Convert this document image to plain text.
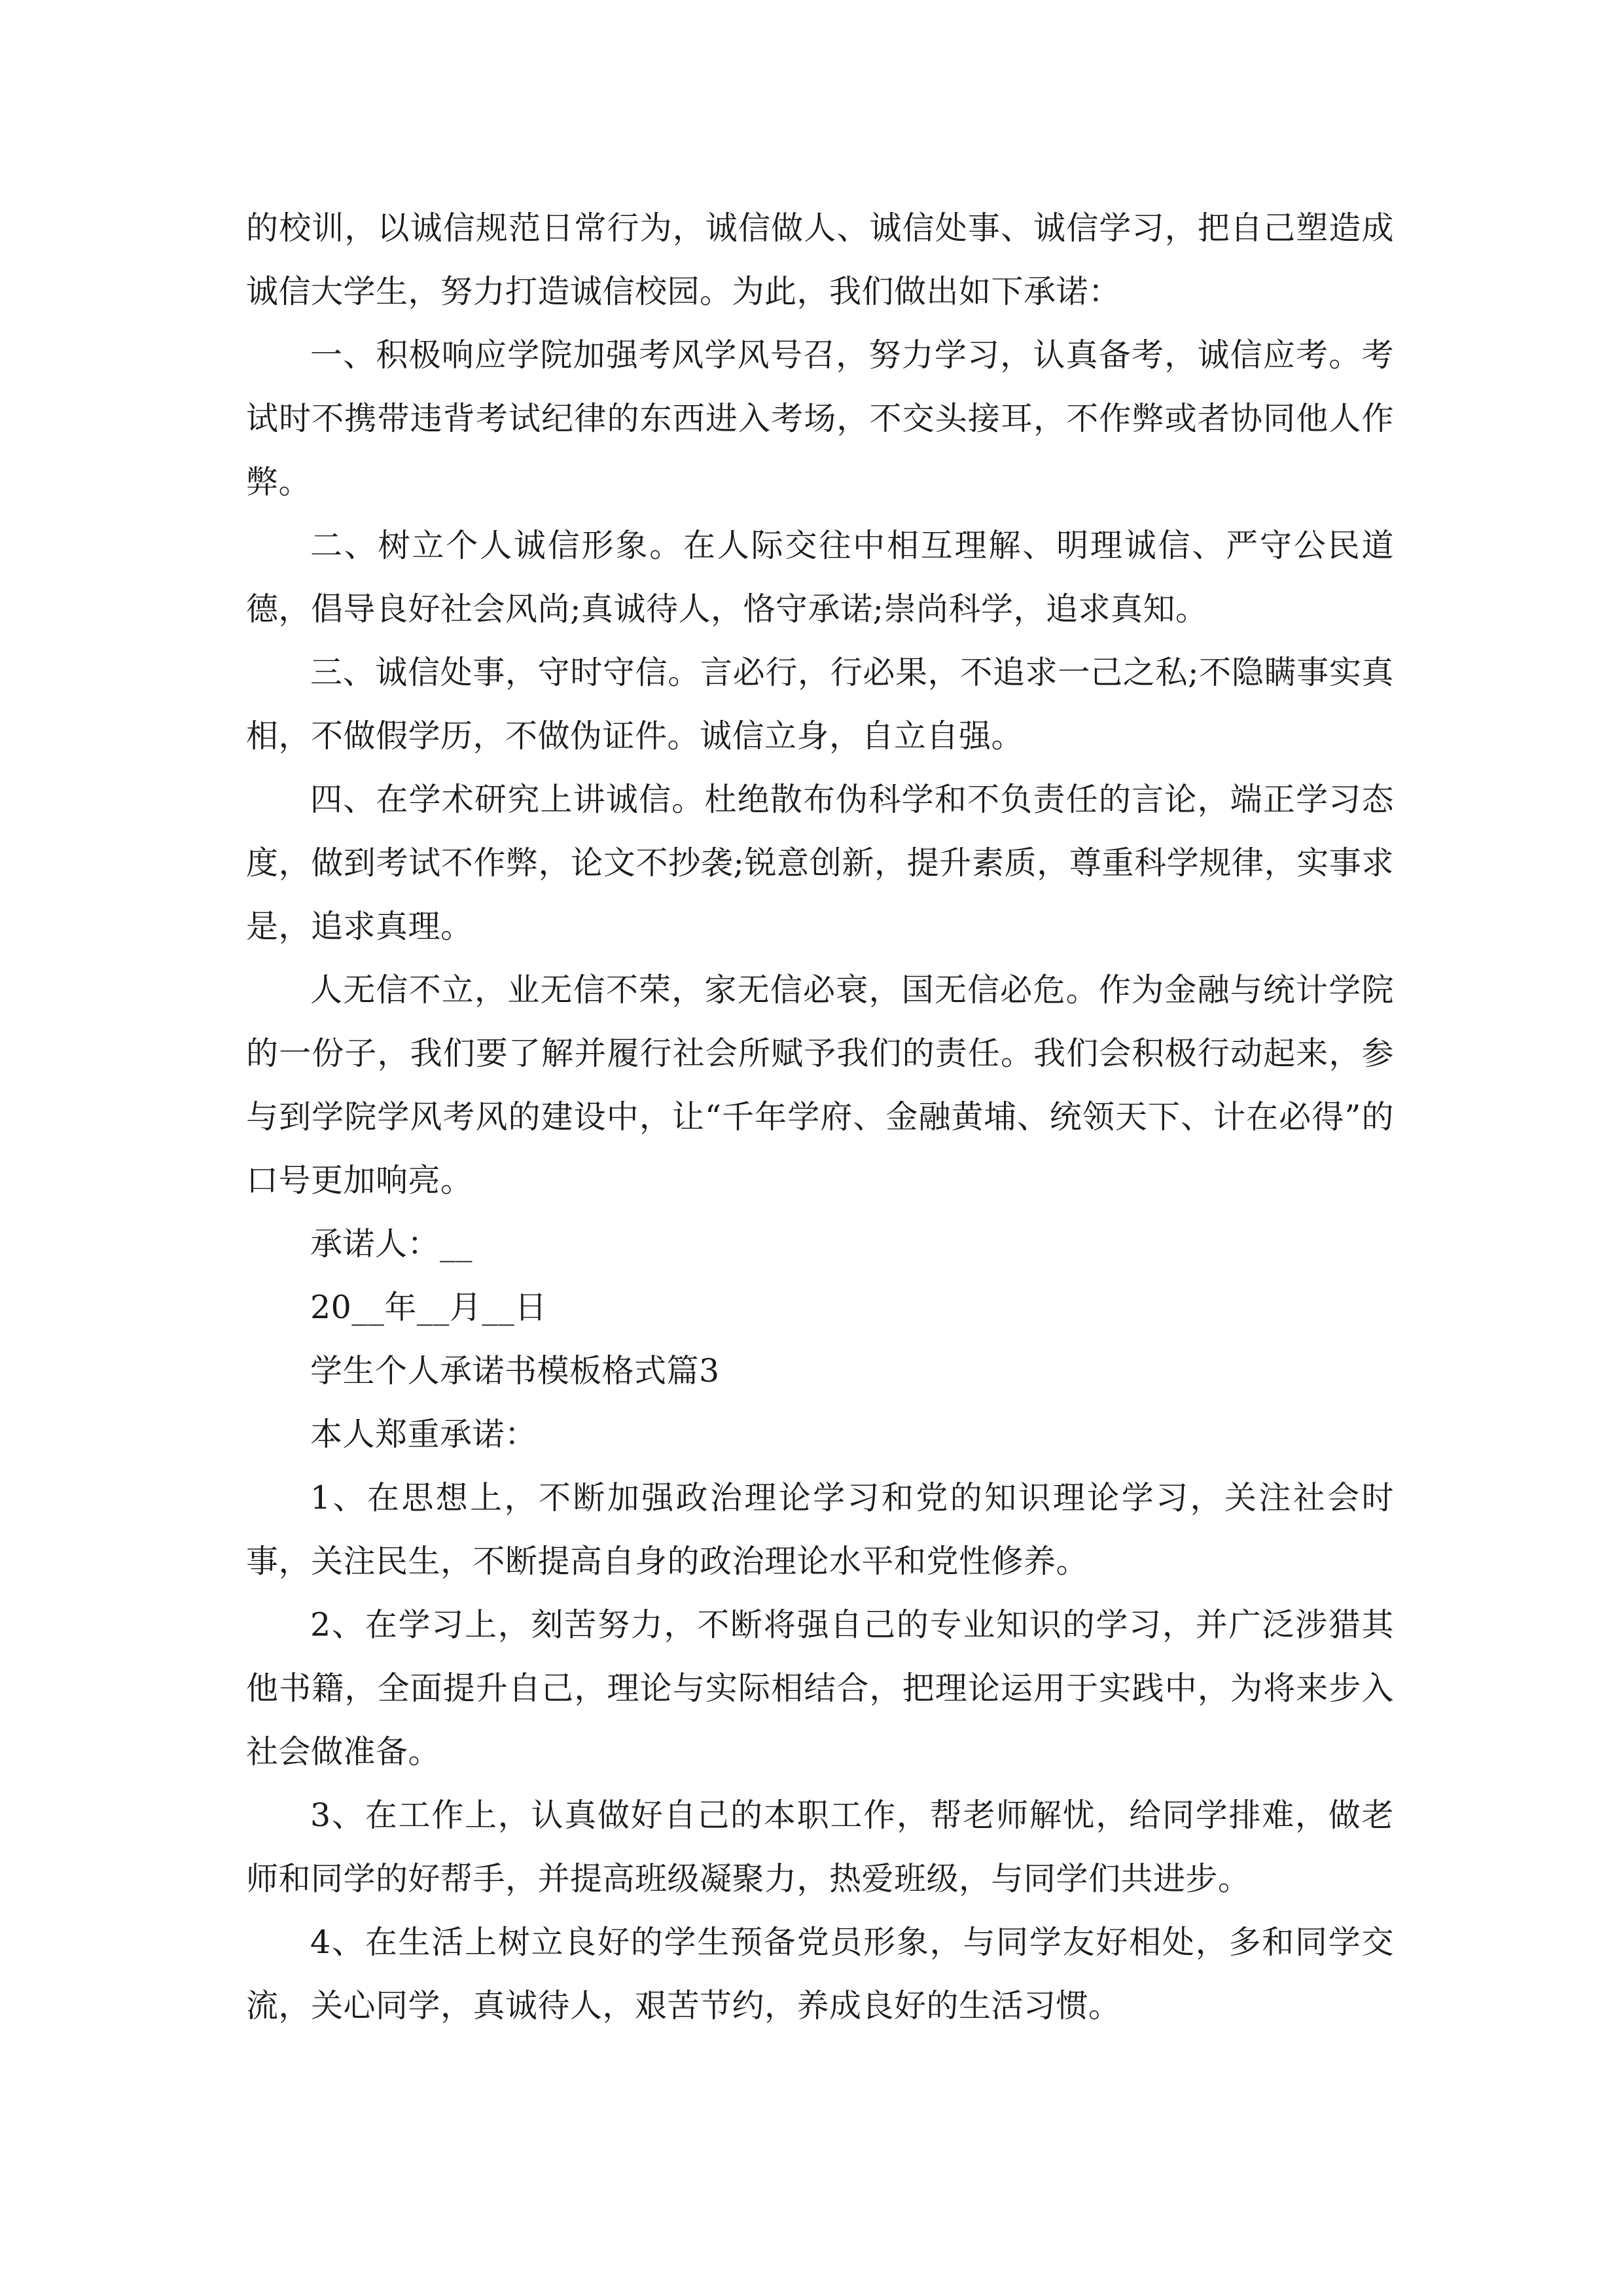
的校训，以诚信规范日常行为，诚信做人、诚信处事、诚信学习，把自己塑造成诚信大学生，努力打造诚信校园。为此，我们做出如下承诺：

一、积极响应学院加强考风学风号召，努力学习，认真备考，诚信应考。考试时不携带违背考试纪律的东西进入考场，不交头接耳，不作弊或者协同他人作弊。

二、树立个人诚信形象。在人际交往中相互理解、明理诚信、严守公民道德，倡导良好社会风尚;真诚待人，恪守承诺;崇尚科学，追求真知。

三、诚信处事，守时守信。言必行，行必果，不追求一己之私;不隐瞒事实真相，不做假学历，不做伪证件。诚信立身，自立自强。

四、在学术研究上讲诚信。杜绝散布伪科学和不负责任的言论，端正学习态度，做到考试不作弊，论文不抄袭;锐意创新，提升素质，尊重科学规律，实事求是，追求真理。

人无信不立，业无信不荣，家无信必衰，国无信必危。作为金融与统计学院的一份子，我们要了解并履行社会所赋予我们的责任。我们会积极行动起来，参与到学院学风考风的建设中，让“千年学府、金融黄埔、统领天下、计在必得”的口号更加响亮。

承诺人：__

20__年__月__日

学生个人承诺书模板格式篇3

本人郑重承诺：

1、在思想上，不断加强政治理论学习和党的知识理论学习，关注社会时事，关注民生，不断提高自身的政治理论水平和党性修养。

2、在学习上，刻苦努力，不断将强自己的专业知识的学习，并广泛涉猎其他书籍，全面提升自己，理论与实际相结合，把理论运用于实践中，为将来步入社会做准备。

3、在工作上，认真做好自己的本职工作，帮老师解忧，给同学排难，做老师和同学的好帮手，并提高班级凝聚力，热爱班级，与同学们共进步。

4、在生活上树立良好的学生预备党员形象，与同学友好相处，多和同学交流，关心同学，真诚待人，艰苦节约，养成良好的生活习惯。
